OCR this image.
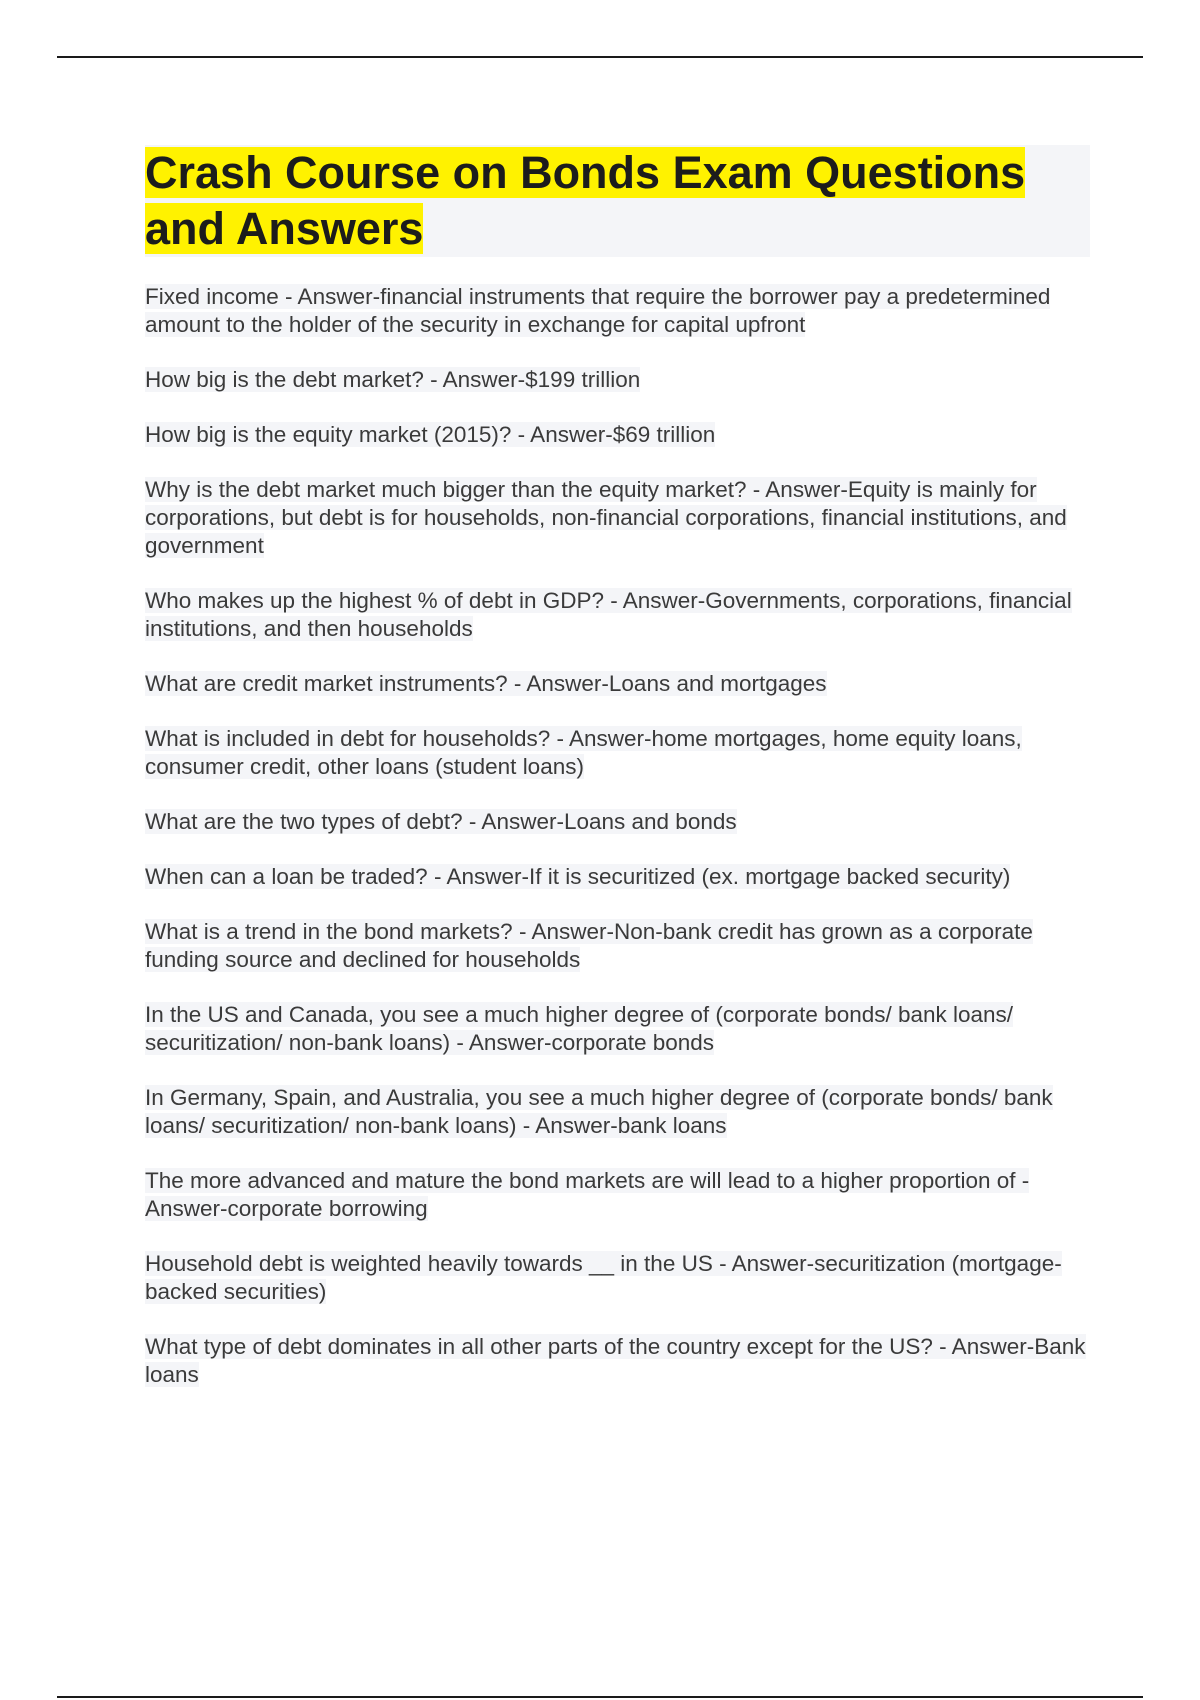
Crash Course on Bonds Exam Questions and Answers
Fixed income - Answer-financial instruments that require the borrower pay a predetermined amount to the holder of the security in exchange for capital upfront
How big is the debt market? - Answer-$199 trillion
How big is the equity market (2015)? - Answer-$69 trillion
Why is the debt market much bigger than the equity market? - Answer-Equity is mainly for corporations, but debt is for households, non-financial corporations, financial institutions, and government
Who makes up the highest % of debt in GDP? - Answer-Governments, corporations, financial institutions, and then households
What are credit market instruments? - Answer-Loans and mortgages
What is included in debt for households? - Answer-home mortgages, home equity loans, consumer credit, other loans (student loans)
What are the two types of debt? - Answer-Loans and bonds
When can a loan be traded? - Answer-If it is securitized (ex. mortgage backed security)
What is a trend in the bond markets? - Answer-Non-bank credit has grown as a corporate funding source and declined for households
In the US and Canada, you see a much higher degree of (corporate bonds/ bank loans/ securitization/ non-bank loans) - Answer-corporate bonds
In Germany, Spain, and Australia, you see a much higher degree of (corporate bonds/ bank loans/ securitization/ non-bank loans) - Answer-bank loans
The more advanced and mature the bond markets are will lead to a higher proportion of - Answer-corporate borrowing
Household debt is weighted heavily towards __ in the US - Answer-securitization (mortgage-backed securities)
What type of debt dominates in all other parts of the country except for the US? - Answer-Bank loans
